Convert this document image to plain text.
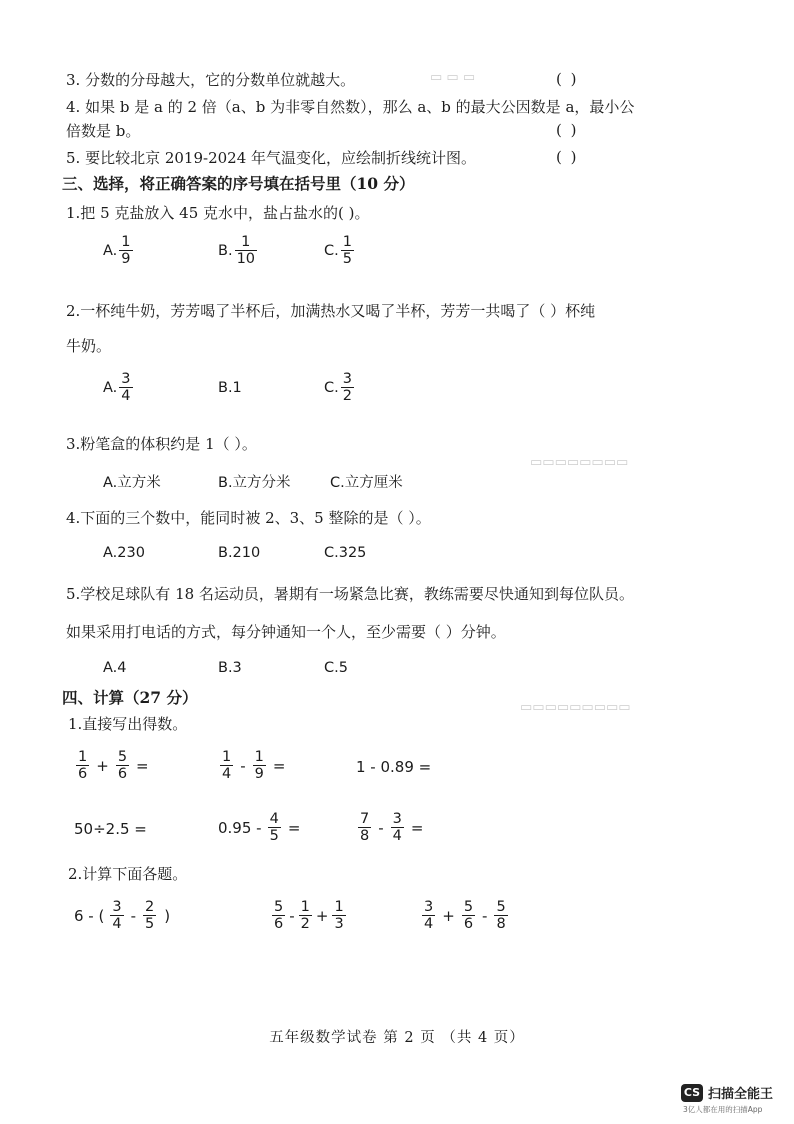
▭ ▭ ▭
▭▭▭▭▭▭▭▭
▭▭▭▭▭▭▭▭▭
3. 分数的分母越大，它的分数单位就越大。	( )
4. 如果 b 是 a 的 2 倍（a、b 为非零自然数），那么 a、b 的最大公因数是 a，最小公
倍数是 b。	( )
5. 要比较北京 2019-2024 年气温变化，应绘制折线统计图。	( )
三、选择，将正确答案的序号填在括号里（10 分）
1.把 5 克盐放入 45 克水中，盐占盐水的( )。
A. $\frac{1}{9}$	B. $\frac{1}{10}$	C. $\frac{1}{5}$
2.一杯纯牛奶，芳芳喝了半杯后，加满热水又喝了半杯，芳芳一共喝了（ ）杯纯
牛奶。
A. $\frac{3}{4}$	B.1	C. $\frac{3}{2}$
3.粉笔盒的体积约是 1（ ）。
A.立方米	B.立方分米	C.立方厘米
4.下面的三个数中，能同时被 2、3、5 整除的是（ ）。
A.230	B.210	C.325
5.学校足球队有 18 名运动员，暑期有一场紧急比赛，教练需要尽快通知到每位队员。
如果采用打电话的方式，每分钟通知一个人，至少需要（ ）分钟。
A.4	B.3	C.5
四、计算（27 分）
1.直接写出得数。
$\frac{1}{6} + \frac{5}{6}$ =	$\frac{1}{4} - \frac{1}{9}$ =	1 - 0.89 =
50÷2.5 =	$0.95 - \frac{4}{5}$ =	$\frac{7}{8} - \frac{3}{4}$ =
2.计算下面各题。
6 - ( $\frac{3}{4} - \frac{2}{5}$ )	$\frac{5}{6} - \frac{1}{2} + \frac{1}{3}$	$\frac{3}{4} + \frac{5}{6} - \frac{5}{8}$
五年级数学试卷 第 2 页 （共 4 页）
CS 扫描全能王
3亿人都在用的扫描App
